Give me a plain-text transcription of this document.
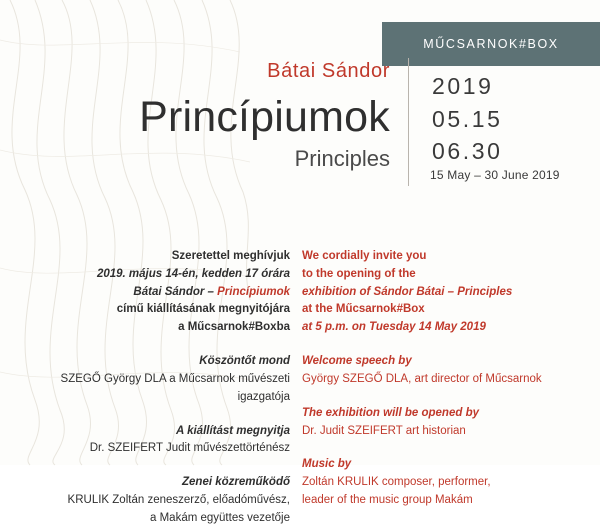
MŰCSARNOK#BOX
Bátai Sándor
Princípiumok
Principles
2019
05.15
06.30
15 May – 30 June 2019
Szeretettel meghívjuk
2019. május 14-én, kedden 17 órára
Bátai Sándor – Princípiumok
című kiállításának megnyitójára
a Műcsarnok#Boxba
Köszöntőt mond
SZEGŐ György DLA a Műcsarnok művészeti igazgatója
A kiállítást megnyitja
Dr. SZEIFERT Judit művészettörténész
Zenei közreműködő
KRULIK Zoltán zeneszerző, előadóművész,
a Makám együttes vezetője
We cordially invite you
to the opening of the
exhibition of Sándor Bátai – Principles
at the Műcsarnok#Box
at 5 p.m. on Tuesday 14 May 2019
Welcome speech by
György SZEGŐ DLA, art director of Műcsarnok
The exhibition will be opened by
Dr. Judit SZEIFERT art historian
Music by
Zoltán KRULIK composer, performer,
leader of the music group Makám
